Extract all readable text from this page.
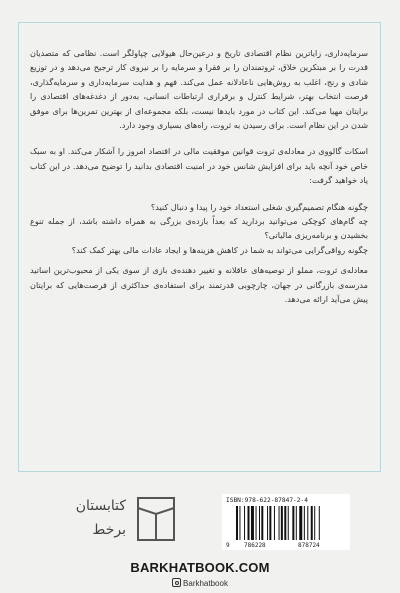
سرمایه‌داری، زایاترین نظام اقتصادی تاریخ و درعین‌حال هیولایی چپاولگر است. نظامی که متصدیان قدرت را بر مبتکرین خلاق، ثروتمندان را بر فقرا و سرمایه را بر نیروی کار ترجیح می‌دهد و در توزیع شادی و رنج، اغلب به روش‌هایی ناعادلانه عمل می‌کند. فهم و هدایت سرمایه‌داری و سرمایه‌گذاری، فرصت انتخاب بهتر، شرایط کنترل و برقراری ارتباطات انسانی، به‌دور از دغدغه‌های اقتصادی را برایتان مهیا می‌کند. این کتاب در مورد بایدها نیست، بلکه مجموعه‌ای از بهترین تمرین‌ها برای موفق شدن در این نظام است. برای رسیدن به ثروت، راه‌های بسیاری وجود دارد.

اسکات گالووی در معادله‌ی ثروت قوانین موفقیت مالی در اقتصاد امروز را آشکار می‌کند. او به سبک خاص خود آنچه باید برای افزایش شانس خود در امنیت اقتصادی بدانید را توضیح می‌دهد. در این کتاب یاد خواهید گرفت:

چگونه هنگام تصمیم‌گیری شغلی استعداد خود را پیدا و دنبال کنید؟
چه گام‌های کوچکی می‌توانید بردارید که بعداً بازده‌ی بزرگی به همراه داشته باشد، از جمله تنوع بخشیدن و برنامه‌ریزی مالیاتی؟
چگونه رواقی‌گرایی می‌تواند به شما در کاهش هزینه‌ها و ایجاد عادات مالی بهتر کمک کند؟

معادله‌ی ثروت، مملو از توصیه‌های عاقلانه و تغییر دهنده‌ی بازی از سوی یکی از محبوب‌ترین اساتید مدرسه‌ی بازرگانی در جهان، چارچوبی قدرتمند برای استفاده‌ی حداکثری از فرصت‌هایی که برایتان پیش می‌آید ارائه می‌دهد.

کتابستان
برخط
ISBN:978-622-87847-2-4
9 786228	878724
BARKHATBOOK.COM
Barkhatbook
